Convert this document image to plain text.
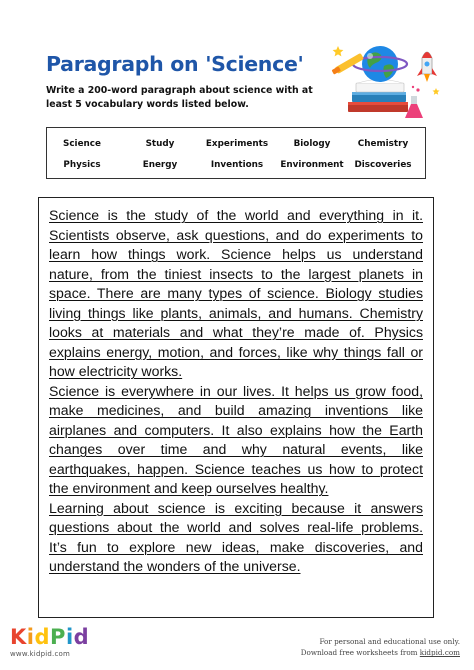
Paragraph on 'Science'
Write a 200-word paragraph about science with at least 5 vocabulary words listed below.
Science	Study	Experiments	Biology	Chemistry
Physics	Energy	Inventions	Environment	Discoveries
Science is the study of the world and everything in it.
Scientists observe, ask questions, and do experiments to
learn how things work. Science helps us understand
nature, from the tiniest insects to the largest planets in
space. There are many types of science. Biology studies
living things like plants, animals, and humans. Chemistry
looks at materials and what they’re made of. Physics
explains energy, motion, and forces, like why things fall or
how electricity works.
Science is everywhere in our lives. It helps us grow food,
make medicines, and build amazing inventions like
airplanes and computers. It also explains how the Earth
changes over time and why natural events, like
earthquakes, happen. Science teaches us how to protect
the environment and keep ourselves healthy.
Learning about science is exciting because it answers
questions about the world and solves real-life problems.
It’s fun to explore new ideas, make discoveries, and
understand the wonders of the universe.
KidPid
www.kidpid.com
For personal and educational use only.
Download free worksheets from kidpid.com
